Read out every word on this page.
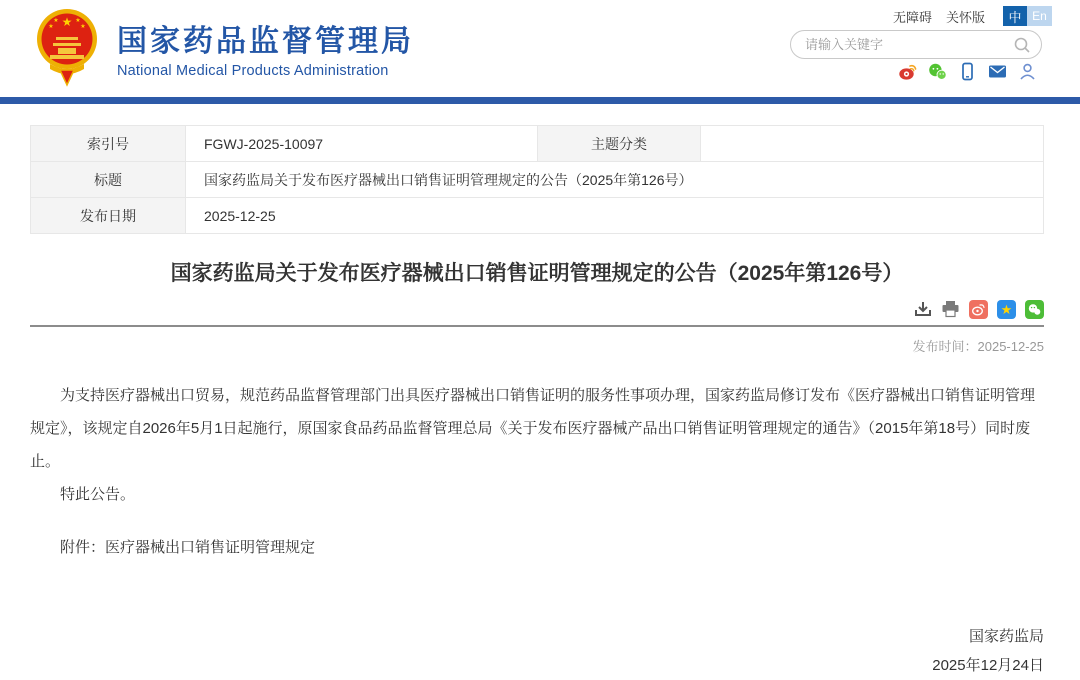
无障碍 关怀版	中 En
★
★	★
★	★ 国家药品监督管理局
National Medical Products Administration
请输入关键字
索引号	FGWJ-2025-10097	主题分类	
标题	国家药监局关于发布医疗器械出口销售证明管理规定的公告（2025年第126号）		
发布日期	2025-12-25		
国家药监局关于发布医疗器械出口销售证明管理规定的公告（2025年第126号）
★
发布时间：2025-12-25

为支持医疗器械出口贸易，规范药品监督管理部门出具医疗器械出口销售证明的服务性事项办理，国家药监局修订发布《医疗器械出口销售证明管理规定》，该规定自2026年5月1日起施行，原国家食品药品监督管理总局《关于发布医疗器械产品出口销售证明管理规定的通告》（2015年第18号）同时废止。

特此公告。

附件：医疗器械出口销售证明管理规定

国家药监局
2025年12月24日
